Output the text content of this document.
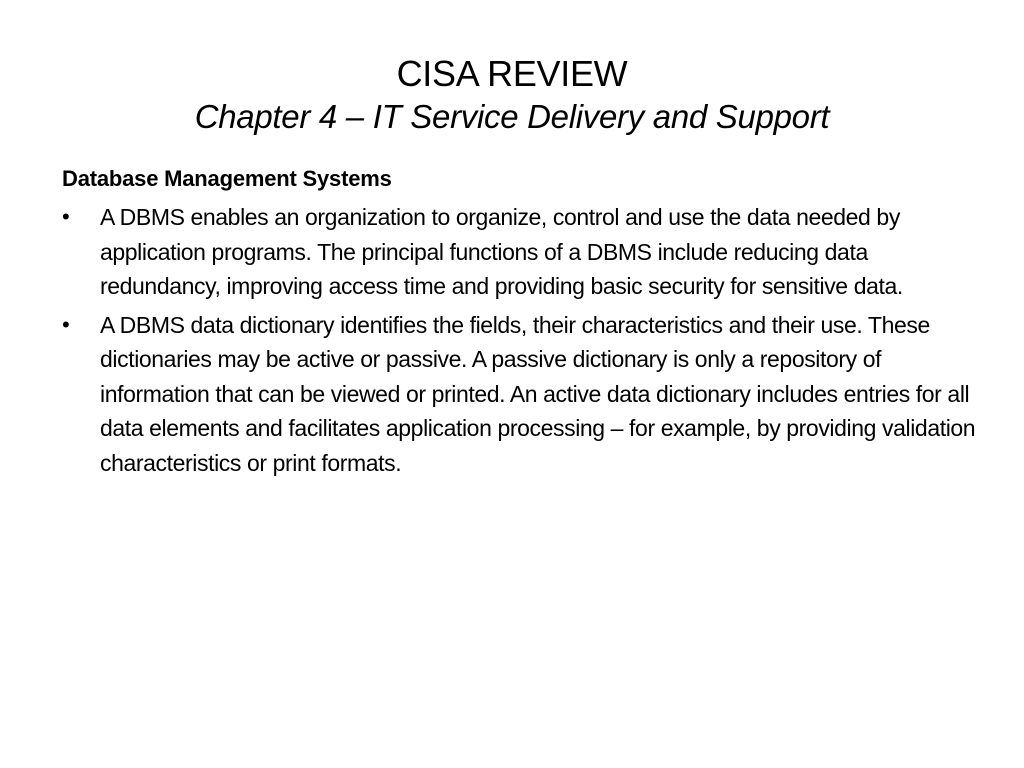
CISA REVIEW
Chapter 4 – IT Service Delivery and Support

Database Management Systems

• A DBMS enables an organization to organize, control and use the data needed by application programs. The principal functions of a DBMS include reducing data redundancy, improving access time and providing basic security for sensitive data.
• A DBMS data dictionary identifies the fields, their characteristics and their use. These dictionaries may be active or passive. A passive dictionary is only a repository of information that can be viewed or printed. An active data dictionary includes entries for all data elements and facilitates application processing – for example, by providing validation characteristics or print formats.
